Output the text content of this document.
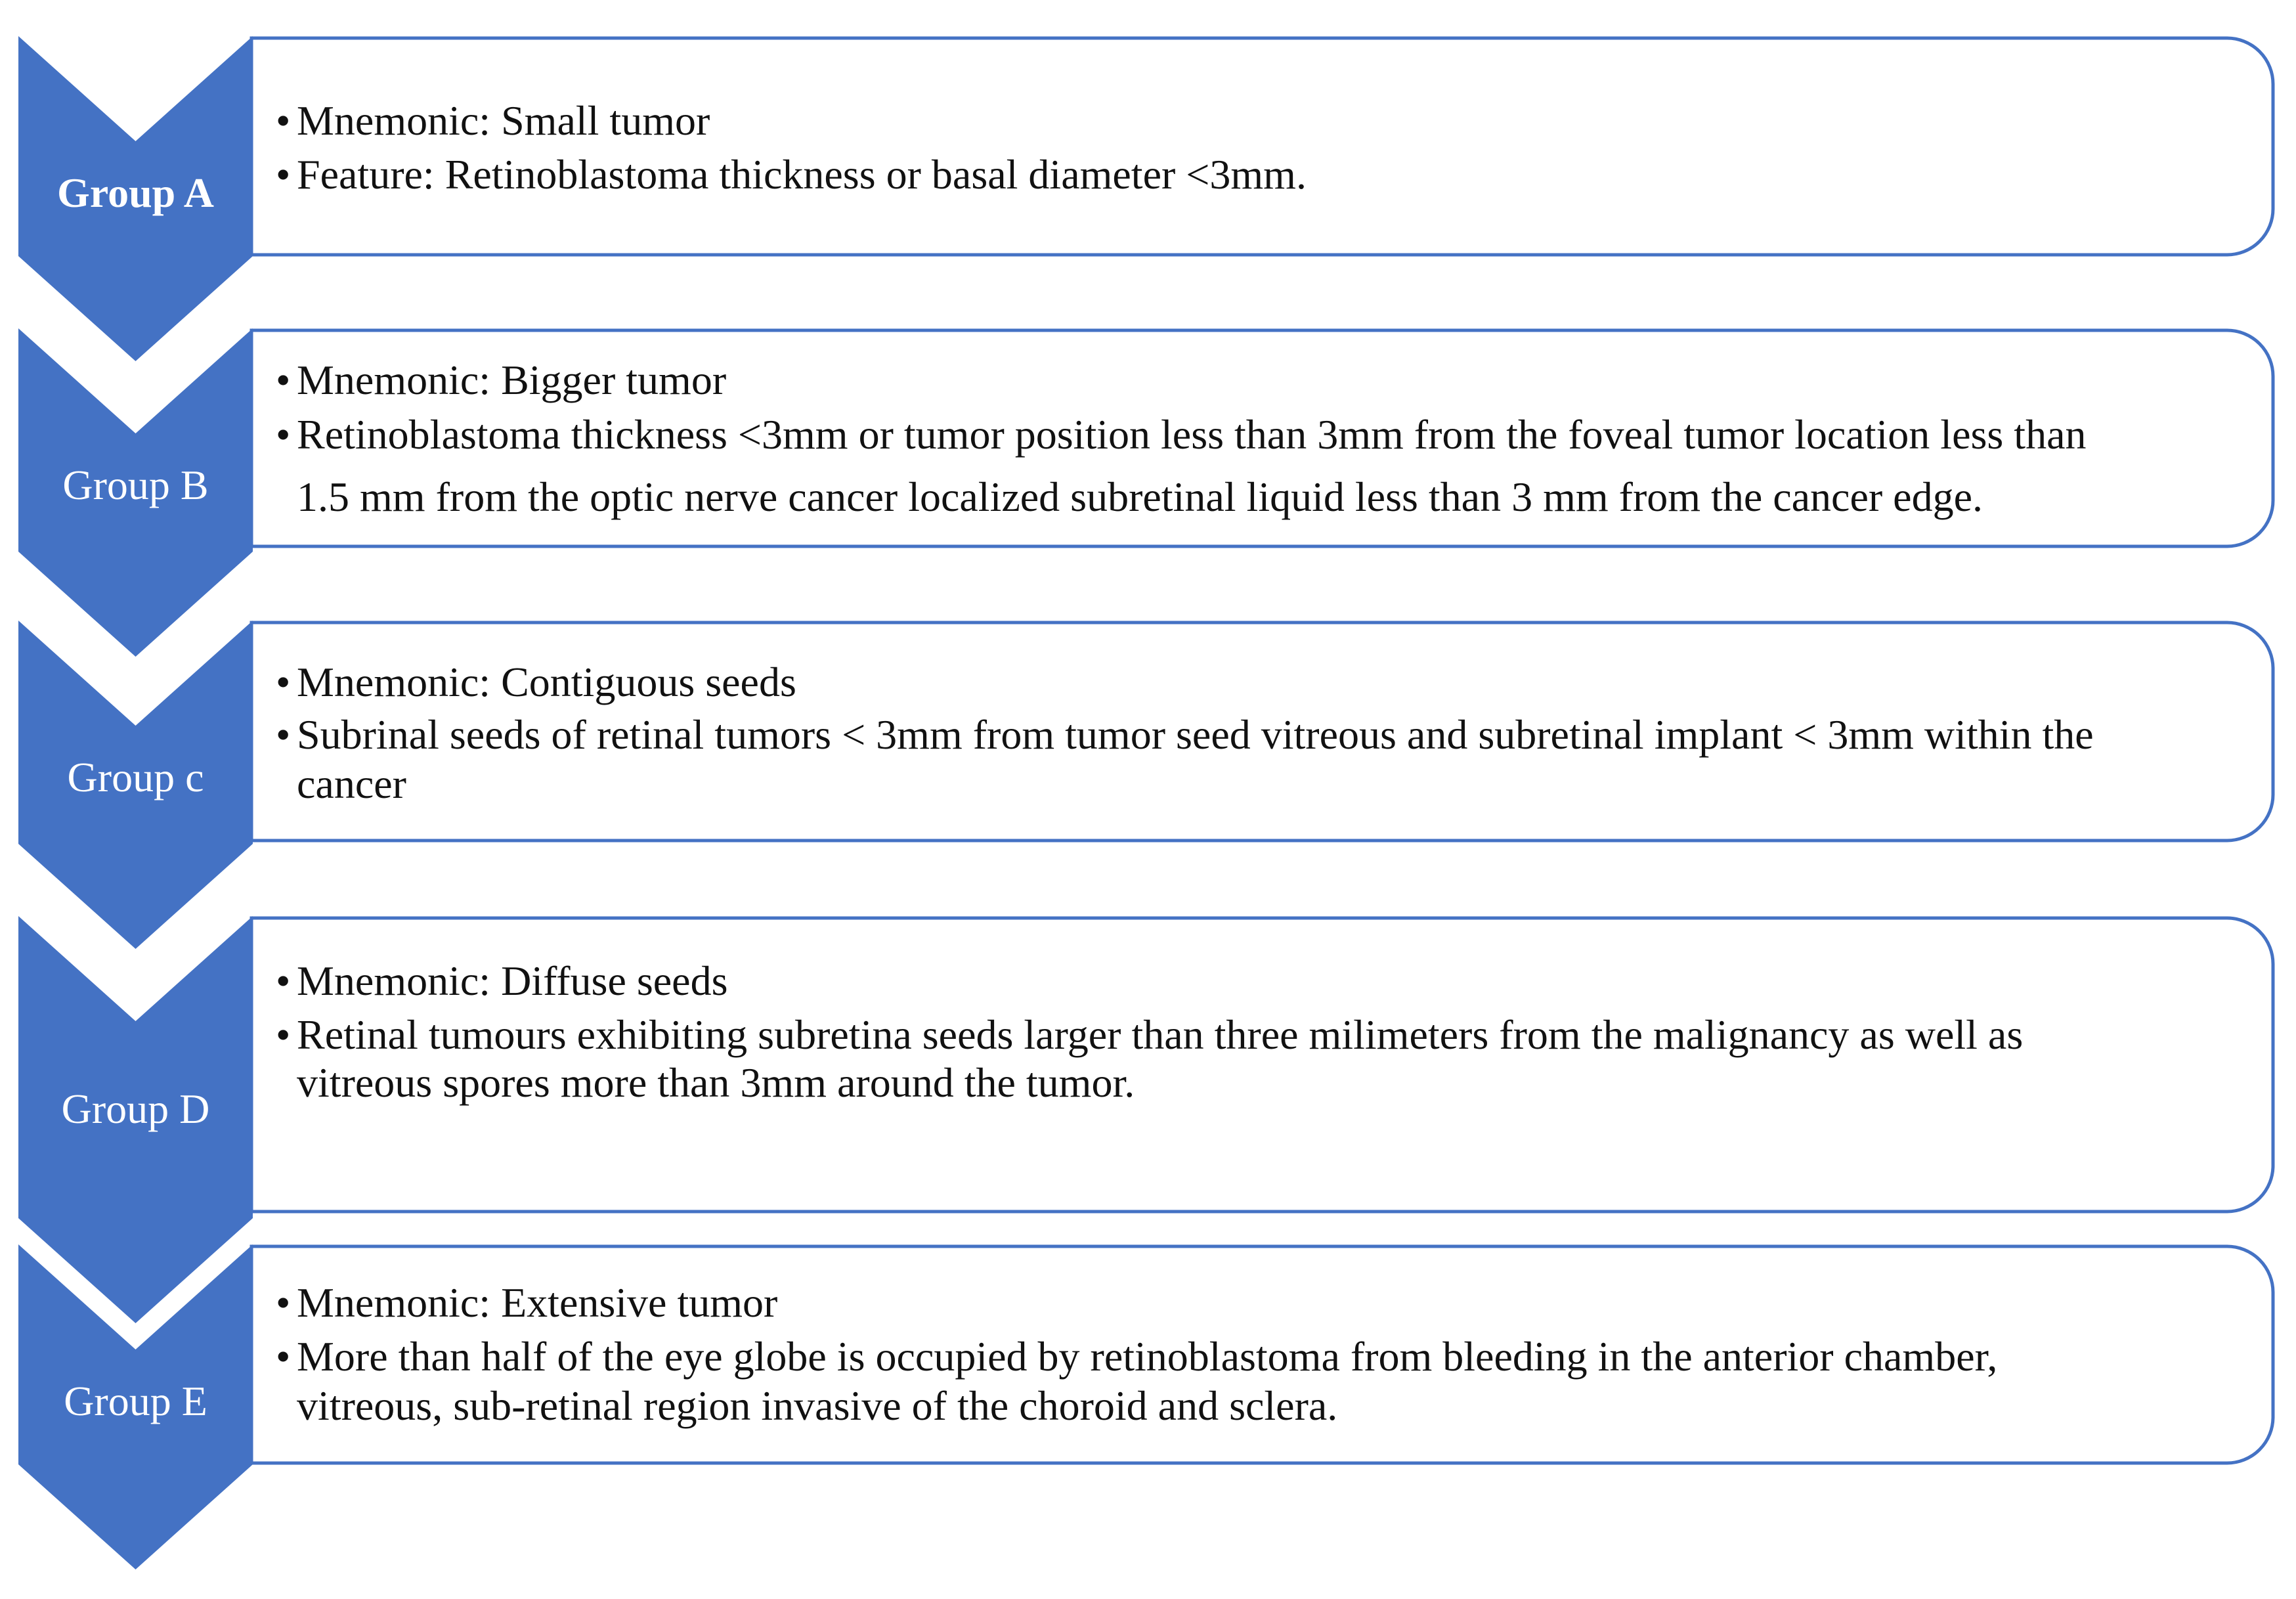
Group A
• Mnemonic: Small tumor
• Feature: Retinoblastoma thickness or basal diameter <3mm.
Group B
• Mnemonic: Bigger tumor
• Retinoblastoma thickness <3mm or tumor position less than 3mm from the foveal tumor location less than
1.5 mm from the optic nerve cancer localized subretinal liquid less than 3 mm from the cancer edge.
Group c
• Mnemonic: Contiguous seeds
• Subrinal seeds of retinal tumors < 3mm from tumor seed vitreous and subretinal implant < 3mm within the
cancer
Group D
• Mnemonic: Diffuse seeds
• Retinal tumours exhibiting subretina seeds larger than three milimeters from the malignancy as well as
vitreous spores more than 3mm around the tumor.
Group E
• Mnemonic: Extensive tumor
• More than half of the eye globe is occupied by retinoblastoma from bleeding in the anterior chamber,
vitreous, sub-retinal region invasive of the choroid and sclera.
